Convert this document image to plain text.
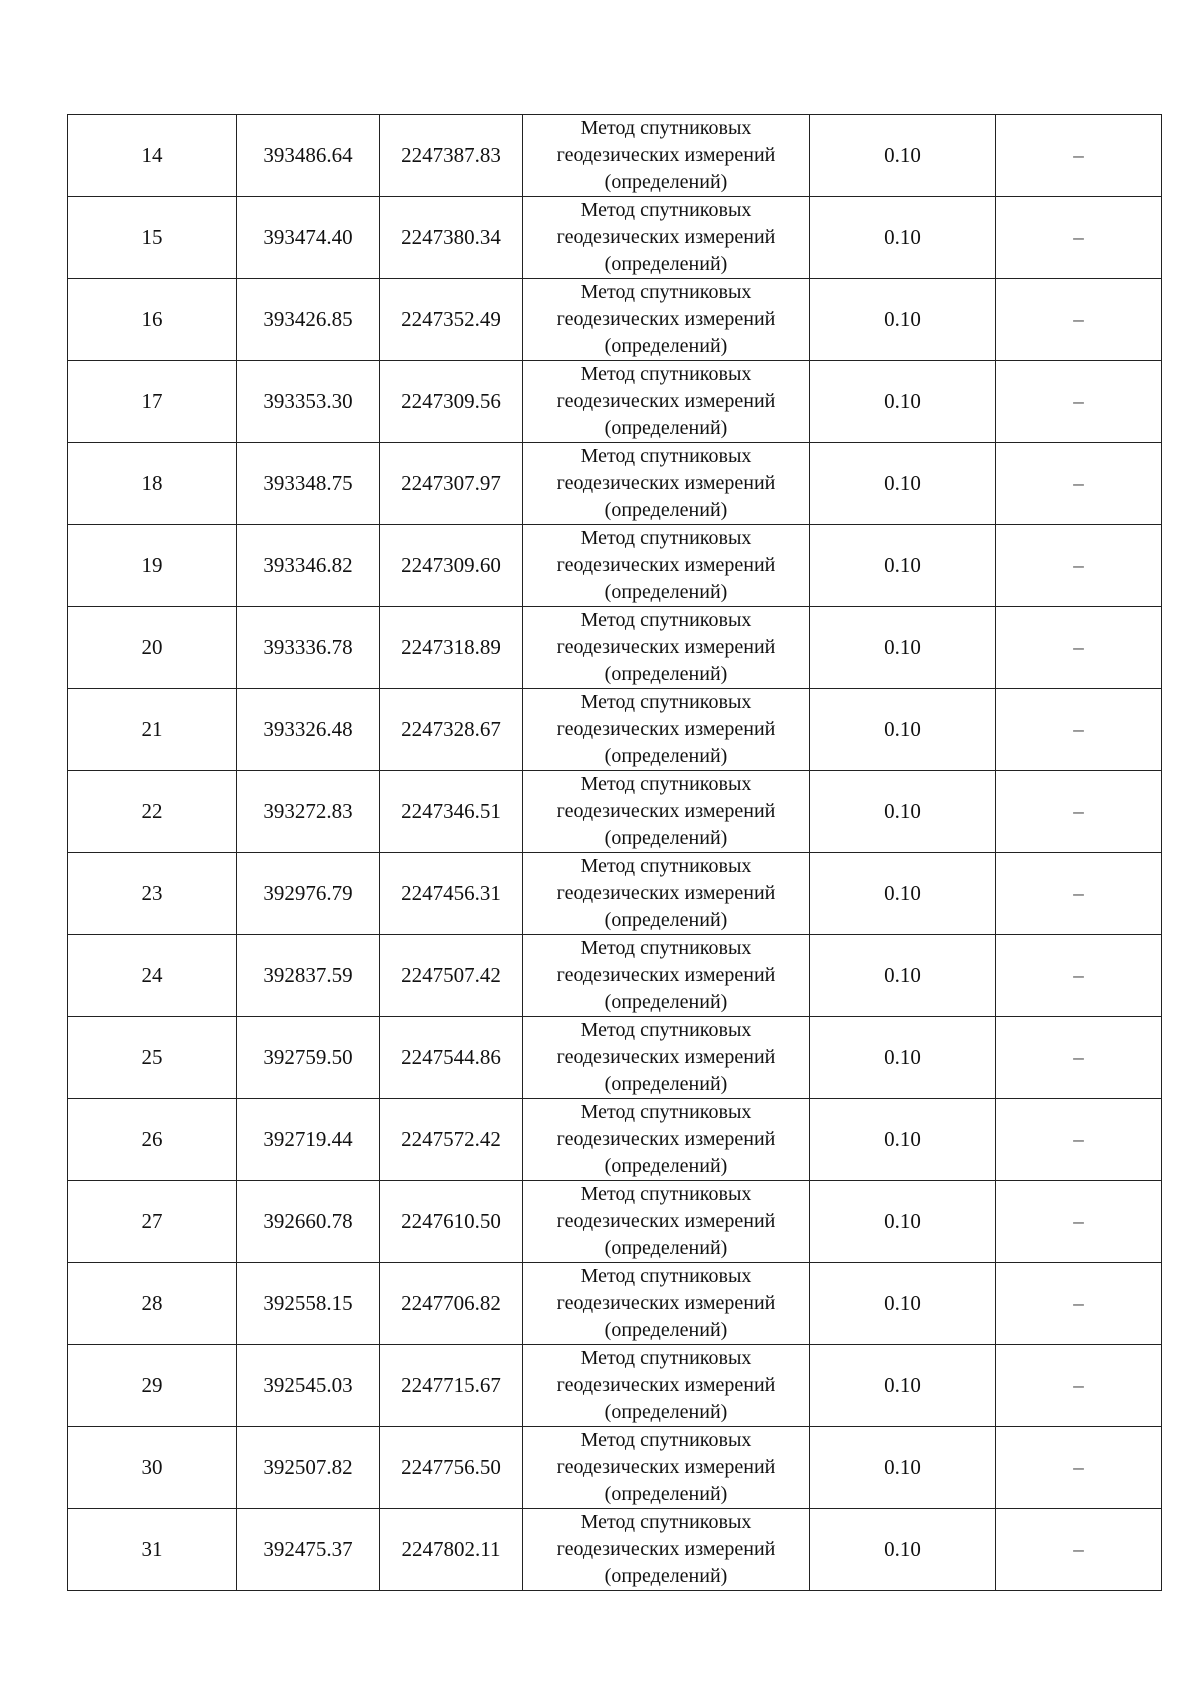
14	393486.64	2247387.83	Метод спутниковых геодезических измерений (определений)	0.10	–
15	393474.40	2247380.34	Метод спутниковых геодезических измерений (определений)	0.10	–
16	393426.85	2247352.49	Метод спутниковых геодезических измерений (определений)	0.10	–
17	393353.30	2247309.56	Метод спутниковых геодезических измерений (определений)	0.10	–
18	393348.75	2247307.97	Метод спутниковых геодезических измерений (определений)	0.10	–
19	393346.82	2247309.60	Метод спутниковых геодезических измерений (определений)	0.10	–
20	393336.78	2247318.89	Метод спутниковых геодезических измерений (определений)	0.10	–
21	393326.48	2247328.67	Метод спутниковых геодезических измерений (определений)	0.10	–
22	393272.83	2247346.51	Метод спутниковых геодезических измерений (определений)	0.10	–
23	392976.79	2247456.31	Метод спутниковых геодезических измерений (определений)	0.10	–
24	392837.59	2247507.42	Метод спутниковых геодезических измерений (определений)	0.10	–
25	392759.50	2247544.86	Метод спутниковых геодезических измерений (определений)	0.10	–
26	392719.44	2247572.42	Метод спутниковых геодезических измерений (определений)	0.10	–
27	392660.78	2247610.50	Метод спутниковых геодезических измерений (определений)	0.10	–
28	392558.15	2247706.82	Метод спутниковых геодезических измерений (определений)	0.10	–
29	392545.03	2247715.67	Метод спутниковых геодезических измерений (определений)	0.10	–
30	392507.82	2247756.50	Метод спутниковых геодезических измерений (определений)	0.10	–
31	392475.37	2247802.11	Метод спутниковых геодезических измерений (определений)	0.10	–
